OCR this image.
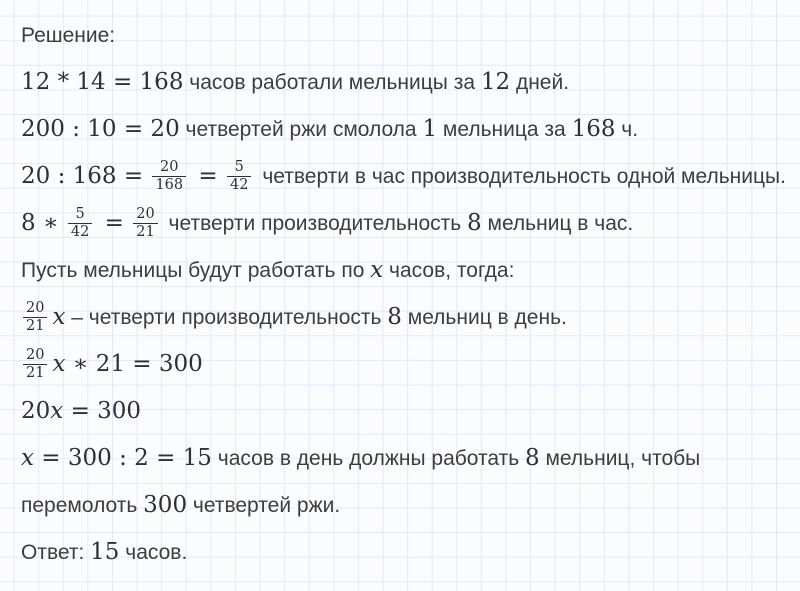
Решение:
12 * 14 = 168 часов работали мельницы за 12 дней.
200 : 10 = 20 четвертей ржи смолола 1 мельница за 168 ч.
20 : $168 = \frac{20}{168} = \frac{5}{42}$ четверти в час производительность одной мельницы.
8 ∗ $\frac{5}{42} = \frac{20}{21}$ четверти производительность 8 мельниц в час.
Пусть мельницы будут работать по x часов, тогда:
$\frac{20}{21}$ x – четверти производительность 8 мельниц в день.
$\frac{20}{21}$ x ∗ 21 = 300
20x = 300
x = 300 : 2 = 15 часов в день должны работать 8 мельниц, чтобы
перемолоть 300 четвертей ржи.
Ответ: 15 часов.
